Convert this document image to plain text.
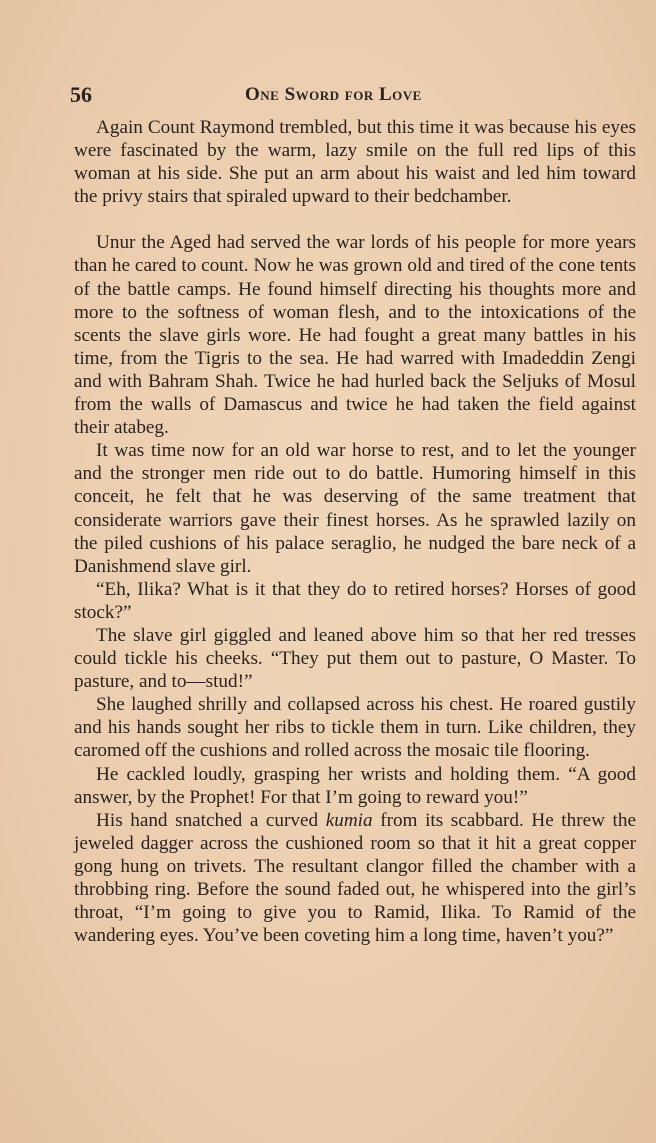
56	One Sword for Love

Again Count Raymond trembled, but this time it was because his eyes were fascinated by the warm, lazy smile on the full red lips of this woman at his side. She put an arm about his waist and led him toward the privy stairs that spiraled upward to their bedchamber.

Unur the Aged had served the war lords of his people for more years than he cared to count. Now he was grown old and tired of the cone tents of the battle camps. He found himself directing his thoughts more and more to the softness of woman flesh, and to the intoxications of the scents the slave girls wore. He had fought a great many battles in his time, from the Tigris to the sea. He had warred with Imadeddin Zengi and with Bahram Shah. Twice he had hurled back the Seljuks of Mosul from the walls of Damascus and twice he had taken the field against their atabeg.

It was time now for an old war horse to rest, and to let the younger and the stronger men ride out to do battle. Humoring himself in this conceit, he felt that he was deserving of the same treatment that considerate warriors gave their finest horses. As he sprawled lazily on the piled cushions of his palace seraglio, he nudged the bare neck of a Danishmend slave girl.

“Eh, Ilika? What is it that they do to retired horses? Horses of good stock?”

The slave girl giggled and leaned above him so that her red tresses could tickle his cheeks. “They put them out to pasture, O Master. To pasture, and to—stud!”

She laughed shrilly and collapsed across his chest. He roared gustily and his hands sought her ribs to tickle them in turn. Like children, they caromed off the cushions and rolled across the mosaic tile flooring.

He cackled loudly, grasping her wrists and holding them. “A good answer, by the Prophet! For that I’m going to reward you!”

His hand snatched a curved kumia from its scabbard. He threw the jeweled dagger across the cushioned room so that it hit a great copper gong hung on trivets. The resultant clangor filled the chamber with a throbbing ring. Before the sound faded out, he whispered into the girl’s throat, “I’m going to give you to Ramid, Ilika. To Ramid of the wandering eyes. You’ve been coveting him a long time, haven’t you?”
